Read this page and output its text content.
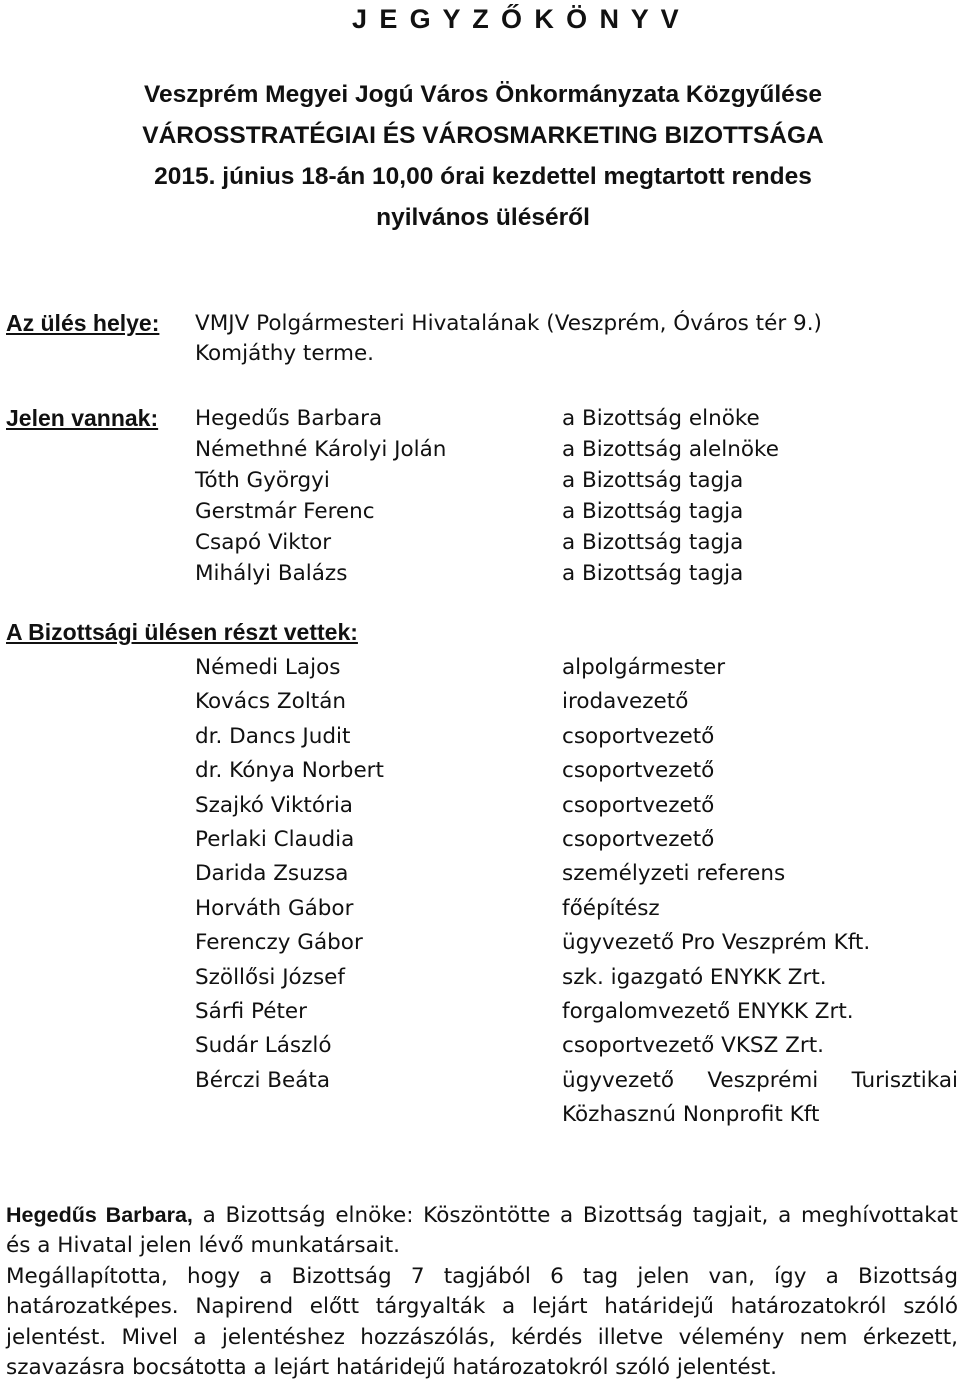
J E G Y Z Ő K Ö N Y V
Veszprém Megyei Jogú Város Önkormányzata Közgyűlése
VÁROSSTRATÉGIAI ÉS VÁROSMARKETING BIZOTTSÁGA
2015. június 18-án 10,00 órai kezdettel megtartott rendes
nyilvános üléséről
Az ülés helye: VMJV Polgármesteri Hivatalának (Veszprém, Óváros tér 9.)
Komjáthy terme.
Jelen vannak: Hegedűs Barbara
Némethné Károlyi Jolán
Tóth Györgyi
Gerstmár Ferenc
Csapó Viktor
Mihályi Balázs
a Bizottság elnöke
a Bizottság alelnöke
a Bizottság tagja
a Bizottság tagja
a Bizottság tagja
a Bizottság tagja
A Bizottsági ülésen részt vettek:
Némedi Lajos
Kovács Zoltán
dr. Dancs Judit
dr. Kónya Norbert
Szajkó Viktória
Perlaki Claudia
Darida Zsuzsa
Horváth Gábor
Ferenczy Gábor
Szöllősi József
Sárfi Péter
Sudár László
Bérczi Beáta
alpolgármester
irodavezető
csoportvezető
csoportvezető
csoportvezető
csoportvezető
személyzeti referens
főépítész
ügyvezető Pro Veszprém Kft.
szk. igazgató ENYKK Zrt.
forgalomvezető ENYKK Zrt.
csoportvezető VKSZ Zrt.
ügyvezető Veszprémi Turisztikai
Közhasznú Nonprofit Kft

Hegedűs Barbara, a Bizottság elnöke: Köszöntötte a Bizottság tagjait, a meghívottakat és a Hivatal jelen lévő munkatársait.

Megállapította, hogy a Bizottság 7 tagjából 6 tag jelen van, így a Bizottság határozatképes. Napirend előtt tárgyalták a lejárt határidejű határozatokról szóló jelentést. Mivel a jelentéshez hozzászólás, kérdés illetve vélemény nem érkezett, szavazásra bocsátotta a lejárt határidejű határozatokról szóló jelentést.
